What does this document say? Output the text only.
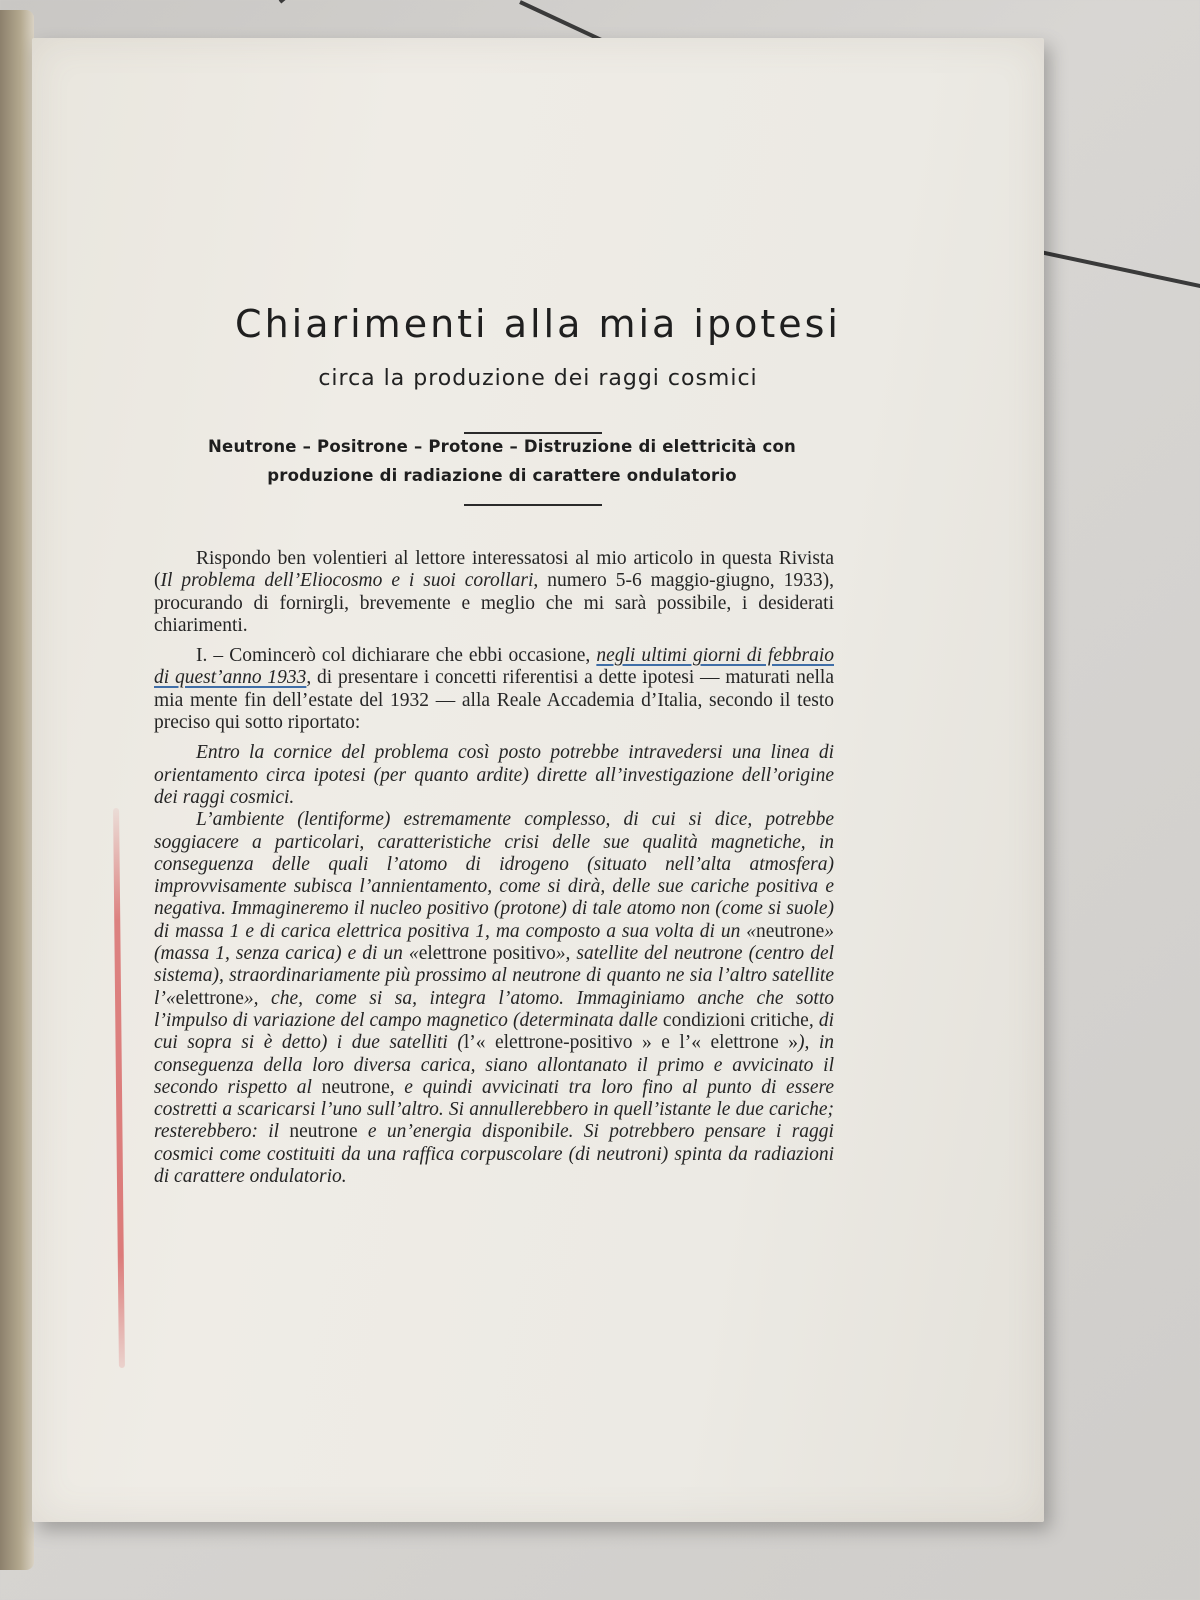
Chiarimenti alla mia ipotesi
circa la produzione dei raggi cosmici
Neutrone – Positrone – Protone – Distruzione di elettricità con produzione di radiazione di carattere ondulatorio

Rispondo ben volentieri al lettore interessatosi al mio articolo in questa Rivista (Il problema dell’Eliocosmo e i suoi corollari, numero 5-6 maggio-giugno, 1933), procurando di fornirgli, brevemente e meglio che mi sarà possibile, i desiderati chiarimenti.

I. – Comincerò col dichiarare che ebbi occasione, negli ultimi giorni di febbraio di quest’anno 1933, di presentare i concetti riferentisi a dette ipotesi — maturati nella mia mente fin dell’estate del 1932 — alla Reale Accademia d’Italia, secondo il testo preciso qui sotto riportato:

Entro la cornice del problema così posto potrebbe intravedersi una linea di orientamento circa ipotesi (per quanto ardite) dirette all’investigazione dell’origine dei raggi cosmici.

L’ambiente (lentiforme) estremamente complesso, di cui si dice, potrebbe soggiacere a particolari, caratteristiche crisi delle sue qualità magnetiche, in conseguenza delle quali l’atomo di idrogeno (situato nell’alta atmosfera) improvvisamente subisca l’annientamento, come si dirà, delle sue cariche positiva e negativa. Immagineremo il nucleo positivo (protone) di tale atomo non (come si suole) di massa 1 e di carica elettrica positiva 1, ma composto a sua volta di un «neutrone» (massa 1, senza carica) e di un «elettrone positivo», satellite del neutrone (centro del sistema), straordinariamente più prossimo al neutrone di quanto ne sia l’altro satellite l’«elettrone», che, come si sa, integra l’atomo. Immaginiamo anche che sotto l’impulso di variazione del campo magnetico (determinata dalle condizioni critiche, di cui sopra si è detto) i due satelliti (l’« elettrone-positivo » e l’« elettrone »), in conseguenza della loro diversa carica, siano allontanato il primo e avvicinato il secondo rispetto al neutrone, e quindi avvicinati tra loro fino al punto di essere costretti a scaricarsi l’uno sull’altro. Si annullerebbero in quell’istante le due cariche; resterebbero: il neutrone e un’energia disponibile. Si potrebbero pensare i raggi cosmici come costituiti da una raffica corpuscolare (di neutroni) spinta da radiazioni di carattere ondulatorio.
